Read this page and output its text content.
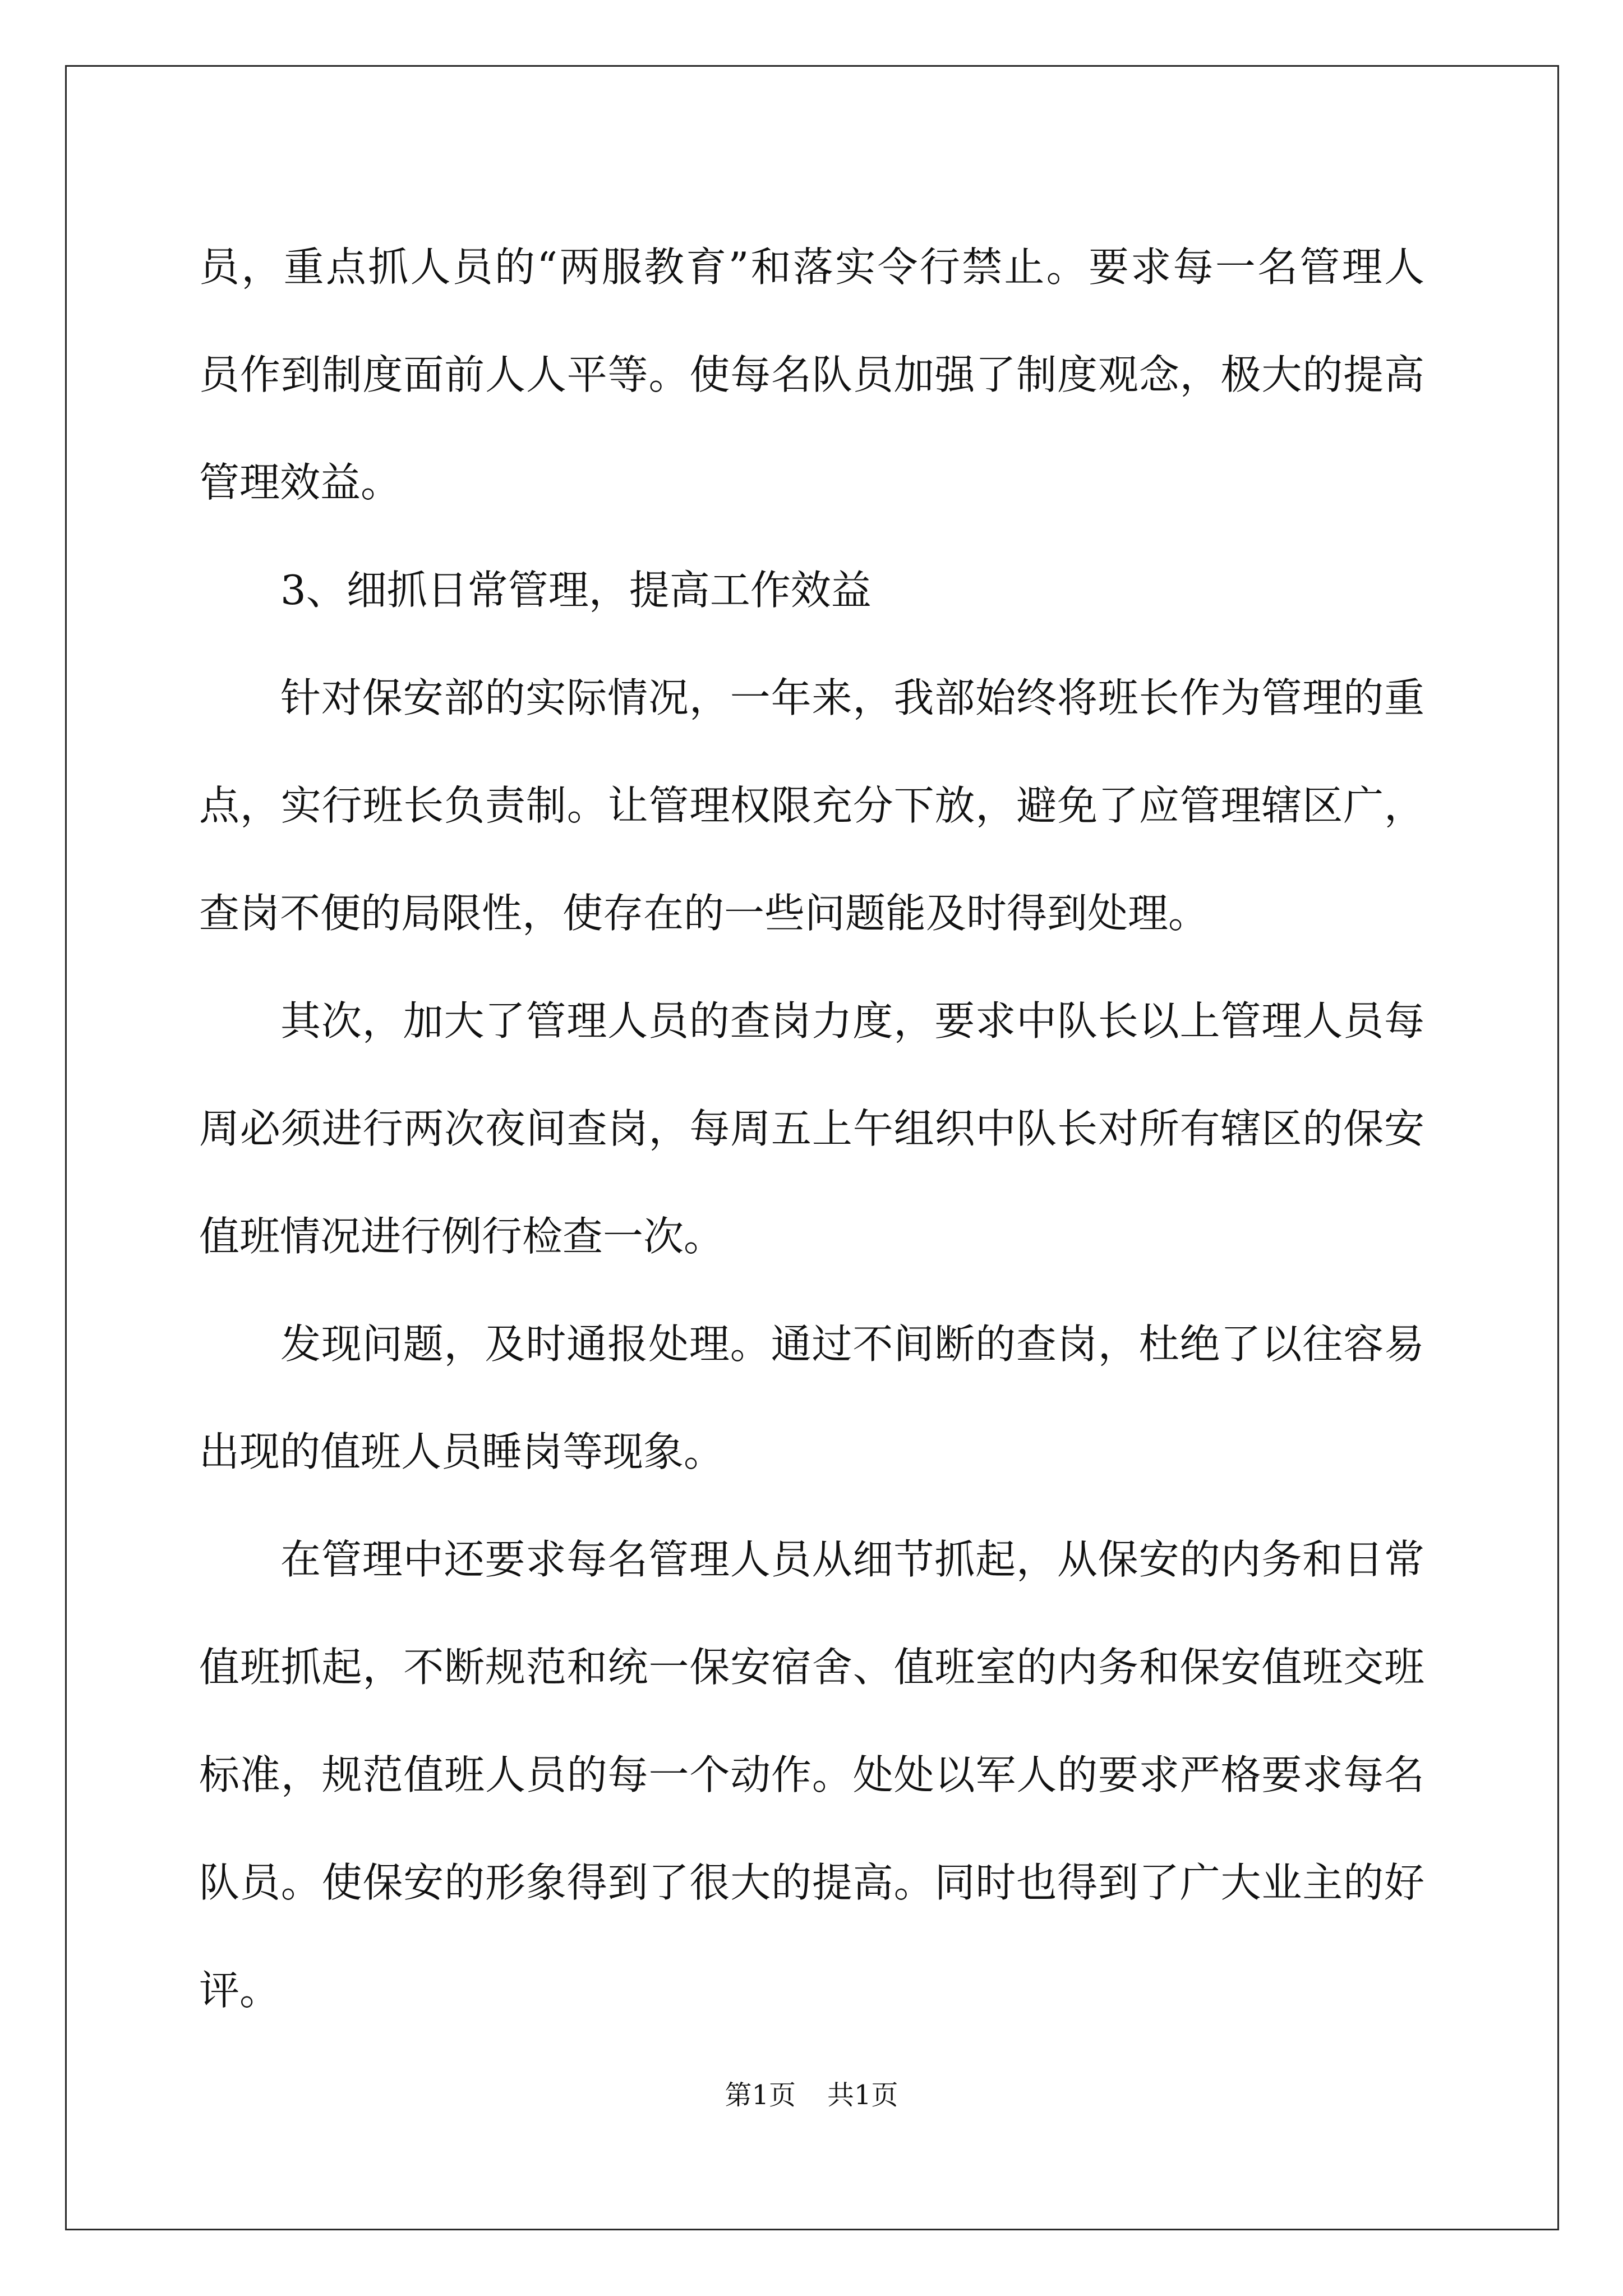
员，重点抓人员的“两服教育”和落实令行禁止。要求每一名管理人
员作到制度面前人人平等。使每名队员加强了制度观念，极大的提高
管理效益。
3、细抓日常管理，提高工作效益
针对保安部的实际情况，一年来，我部始终将班长作为管理的重
点，实行班长负责制。让管理权限充分下放，避免了应管理辖区广，
查岗不便的局限性，使存在的一些问题能及时得到处理。
其次，加大了管理人员的查岗力度，要求中队长以上管理人员每
周必须进行两次夜间查岗，每周五上午组织中队长对所有辖区的保安
值班情况进行例行检查一次。
发现问题，及时通报处理。通过不间断的查岗，杜绝了以往容易
出现的值班人员睡岗等现象。
在管理中还要求每名管理人员从细节抓起，从保安的内务和日常
值班抓起，不断规范和统一保安宿舍、值班室的内务和保安值班交班
标准，规范值班人员的每一个动作。处处以军人的要求严格要求每名
队员。使保安的形象得到了很大的提高。同时也得到了广大业主的好
评。
第1页 共1页
